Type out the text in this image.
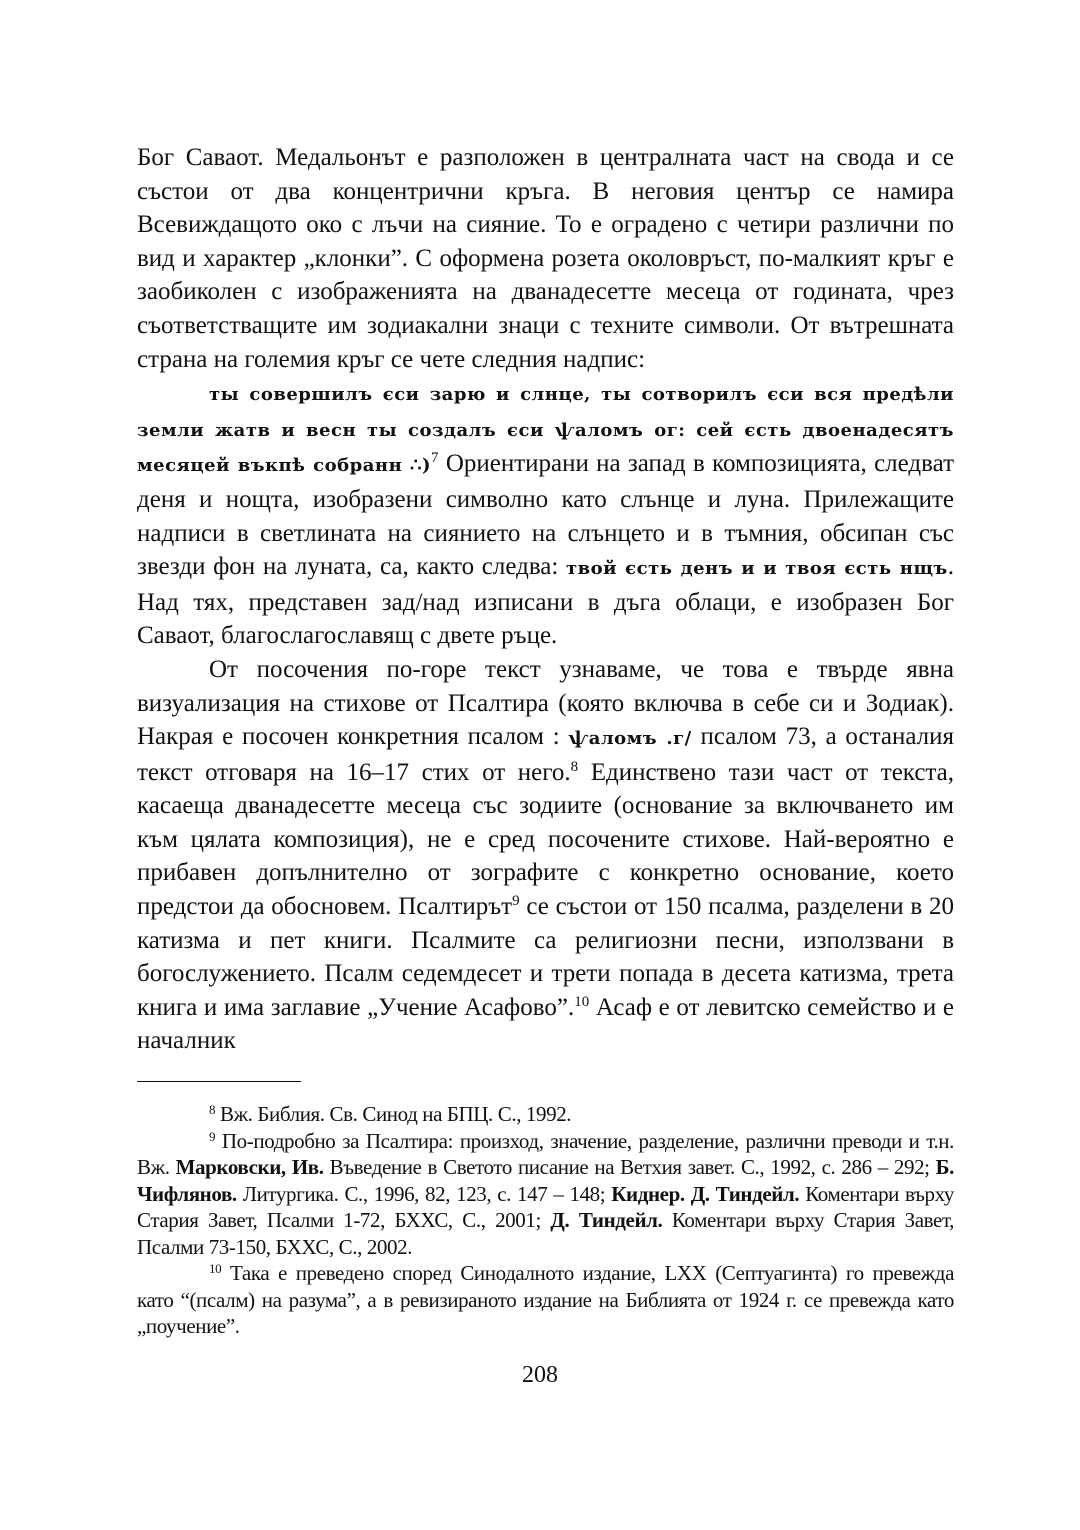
Бог Саваот. Медальонът е разположен в централната част на свода и се състои от два концентрични кръга. В неговия център се намира Всевиждащото око с лъчи на сияние. То е оградено с четири различни по вид и характер „клонки”. С оформена розета околовръст, по-малкият кръг е заобиколен с изображенията на дванадесетте месеца от годината, чрез съответстващите им зодиакални знаци с техните символи. От вътрешната страна на големия кръг се чете следния надпис:
ты совершилъ єси зарю и слнце, ты сотворилъ єси вся предѣли земли жатв и весн ты создалъ єси ѱаломъ ог: сей єсть двоенадесятъ месяцей въкпѣ собранн ∴)$^7$ Ориентирани на запад в композицията, следват деня и нощта, изобразени символно като слънце и луна. Прилежащите надписи в светлината на сиянието на слънцето и в тъмния, обсипан със звезди фон на луната, са, както следва: твой єсть денъ и и твоя єсть нщъ. Над тях, представен зад/над изписани в дъга облаци, е изобразен Бог Саваот, благослагославящ с двете ръце.

От посочения по-горе текст узнаваме, че това е твърде явна визуализация на стихове от Псалтира (която включва в себе си и Зодиак). Накрая е посочен конкретния псалом : ѱаломъ .г/ псалом 73, а останалия текст отговаря на 16–17 стих от него.$^8$ Единствено тази част от текста, касаеща дванадесетте месеца със зодиите (основание за включването им към цялата композиция), не е сред посочените стихове. Най-вероятно е прибавен допълнително от зографите с конкретно основание, което предстои да обосновем. Псалтирът$^9$ се състои от 150 псалма, разделени в 20 катизма и пет книги. Псалмите са религиозни песни, използвани в богослужението. Псалм седемдесет и трети попада в десета катизма, трета книга и има заглавие „Учение Асафово”.$^{10}$ Асаф е от левитско семейство и е началник

$^8$ Вж. Библия. Св. Синод на БПЦ. С., 1992.

$^9$ По-подробно за Псалтира: произход, значение, разделение, различни преводи и т.н. Вж. Марковски, Ив. Въведение в Светото писание на Ветхия завет. С., 1992, с. 286 – 292; Б. Чифлянов. Литургика. С., 1996, 82, 123, с. 147 – 148; Киднер. Д. Тиндейл. Коментари върху Стария Завет, Псалми 1-72, БХХС, С., 2001; Д. Тиндейл. Коментари върху Стария Завет, Псалми 73-150, БХХС, С., 2002.

$^{10}$ Така е преведено според Синодалното издание, LXX (Септуагинта) го превежда като “(псалм) на разума”, а в ревизираното издание на Библията от 1924 г. се превежда като „поучение”.

208
